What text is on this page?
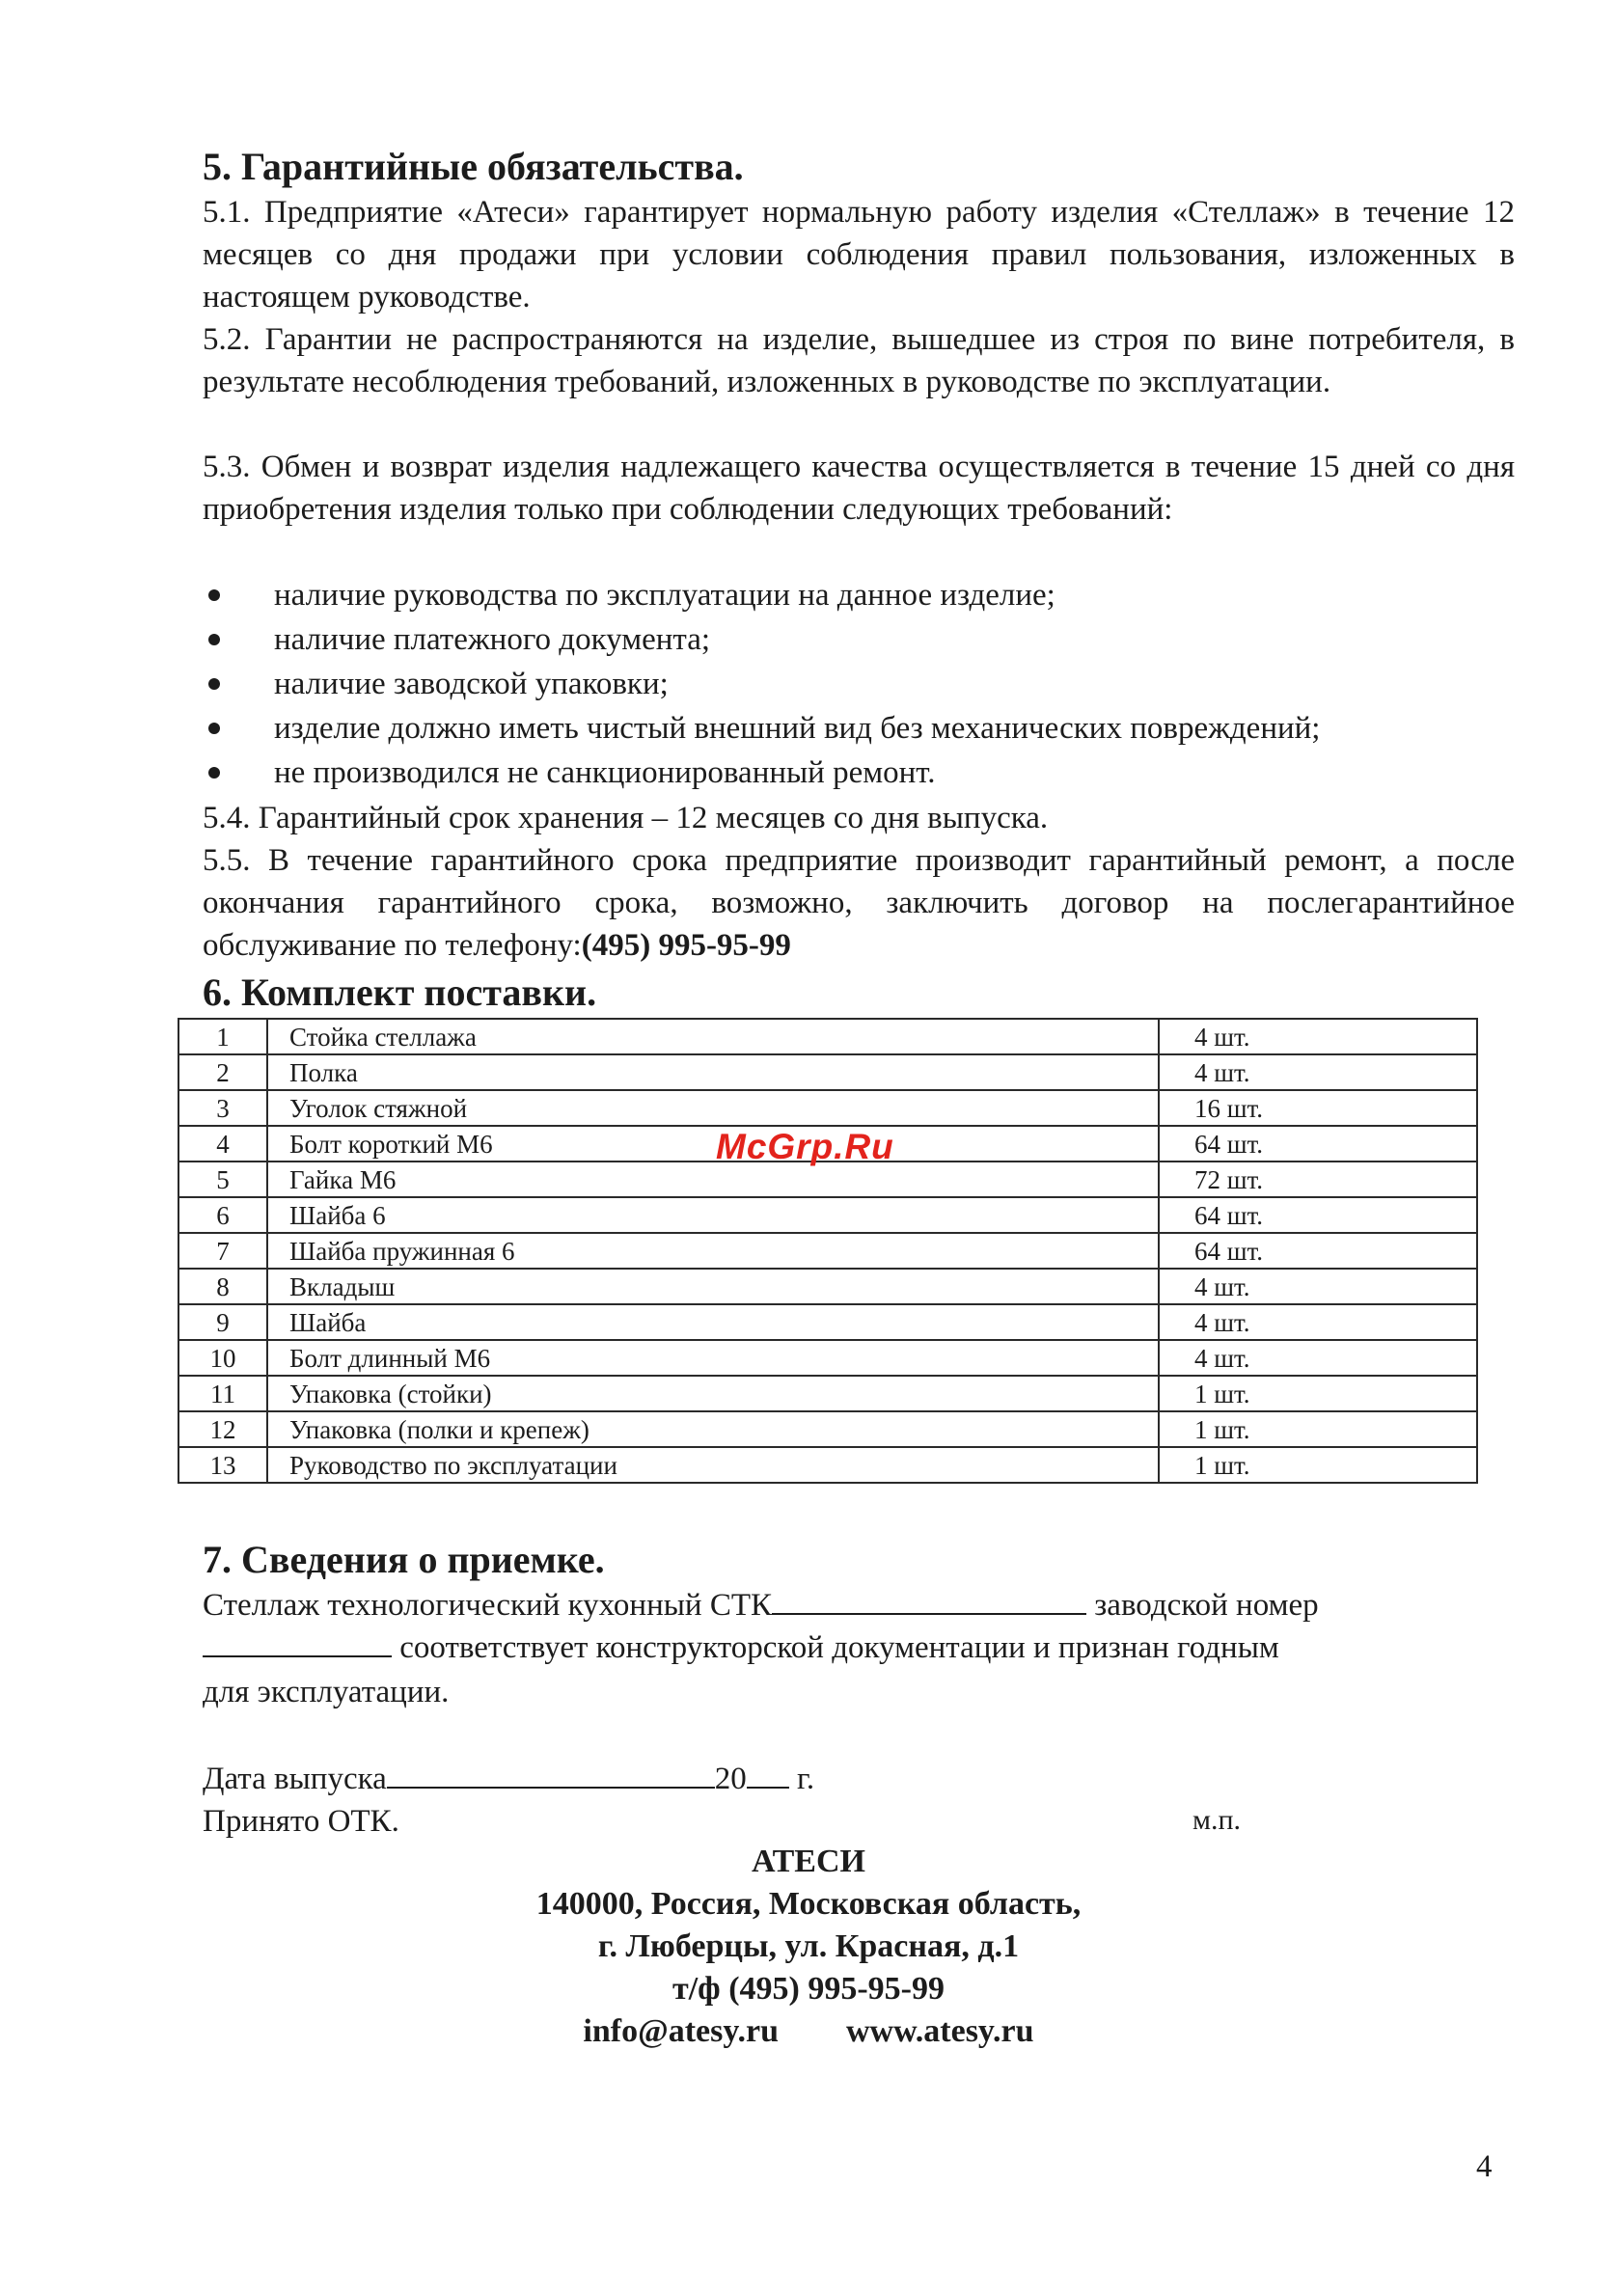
5. Гарантийные обязательства.

5.1. Предприятие «Атеси» гарантирует нормальную работу изделия «Стеллаж» в течение 12 месяцев со дня продажи при условии соблюдения правил пользования, изложенных в настоящем руководстве.

5.2. Гарантии не распространяются на изделие, вышедшее из строя по вине потребителя, в результате несоблюдения требований, изложенных в руководстве по эксплуатации.

5.3. Обмен и возврат изделия надлежащего качества осуществляется в течение 15 дней со дня приобретения изделия только при соблюдении следующих требований:

наличие руководства по эксплуатации на данное изделие;
наличие платежного документа;
наличие заводской упаковки;
изделие должно иметь чистый внешний вид без механических повреждений;
не производился не санкционированный ремонт.

5.4. Гарантийный срок хранения – 12 месяцев со дня выпуска.

5.5. В течение гарантийного срока предприятие производит гарантийный ремонт, а после окончания гарантийного срока, возможно, заключить договор на послегарантийное обслуживание по телефону:(495) 995-95-99

6. Комплект поставки.
1	Стойка стеллажа	4 шт.
2	Полка	4 шт.
3	Уголок стяжной	16 шт.
4	Болт короткий М6	64 шт.
5	Гайка М6	72 шт.
6	Шайба 6	64 шт.
7	Шайба пружинная 6	64 шт.
8	Вкладыш	4 шт.
9	Шайба	4 шт.
10	Болт длинный М6	4 шт.
11	Упаковка (стойки)	1 шт.
12	Упаковка (полки и крепеж)	1 шт.
13	Руководство по эксплуатации	1 шт.
McGrp.Ru
7. Сведения о приемке.

Стеллаж технологический кухонный СТК	заводской номер

соответствует конструкторской документации и признан годным

для эксплуатации.

Дата выпуска	20 г.

Принято ОТК.	м.п.

АТЕСИ

140000, Россия, Московская область,

г. Люберцы, ул. Красная, д.1

т/ф (495) 995-95-99

info@atesy.ru www.atesy.ru

4
